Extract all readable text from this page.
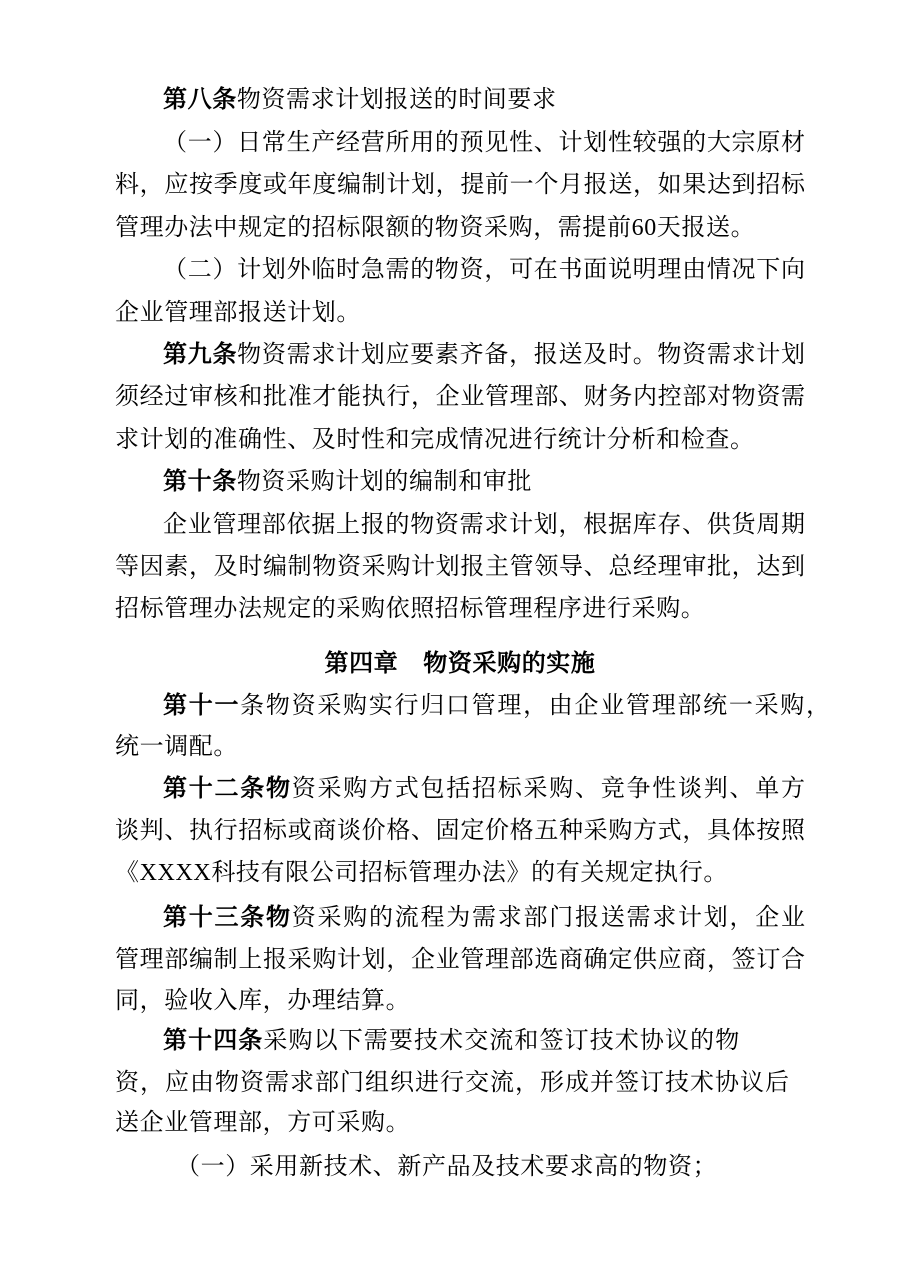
第八条物资需求计划报送的时间要求
（一）日常生产经营所用的预见性、计划性较强的大宗原材
料，应按季度或年度编制计划，提前一个月报送，如果达到招标
管理办法中规定的招标限额的物资采购，需提前60天报送。
（二）计划外临时急需的物资，可在书面说明理由情况下向
企业管理部报送计划。
第九条物资需求计划应要素齐备，报送及时。物资需求计划
须经过审核和批准才能执行，企业管理部、财务内控部对物资需
求计划的准确性、及时性和完成情况进行统计分析和检查。
第十条物资采购计划的编制和审批
企业管理部依据上报的物资需求计划，根据库存、供货周期
等因素，及时编制物资采购计划报主管领导、总经理审批，达到
招标管理办法规定的采购依照招标管理程序进行采购。
第四章 物资采购的实施
第十一条物资采购实行归口管理，由企业管理部统一采购，
统一调配。
第十二条物资采购方式包括招标采购、竞争性谈判、单方
谈判、执行招标或商谈价格、固定价格五种采购方式，具体按照
《XXXX科技有限公司招标管理办法》的有关规定执行。
第十三条物资采购的流程为需求部门报送需求计划，企业
管理部编制上报采购计划，企业管理部选商确定供应商，签订合
同，验收入库，办理结算。
第十四条采购以下需要技术交流和签订技术协议的物
资，应由物资需求部门组织进行交流，形成并签订技术协议后
送企业管理部，方可采购。
（一）采用新技术、新产品及技术要求高的物资；
